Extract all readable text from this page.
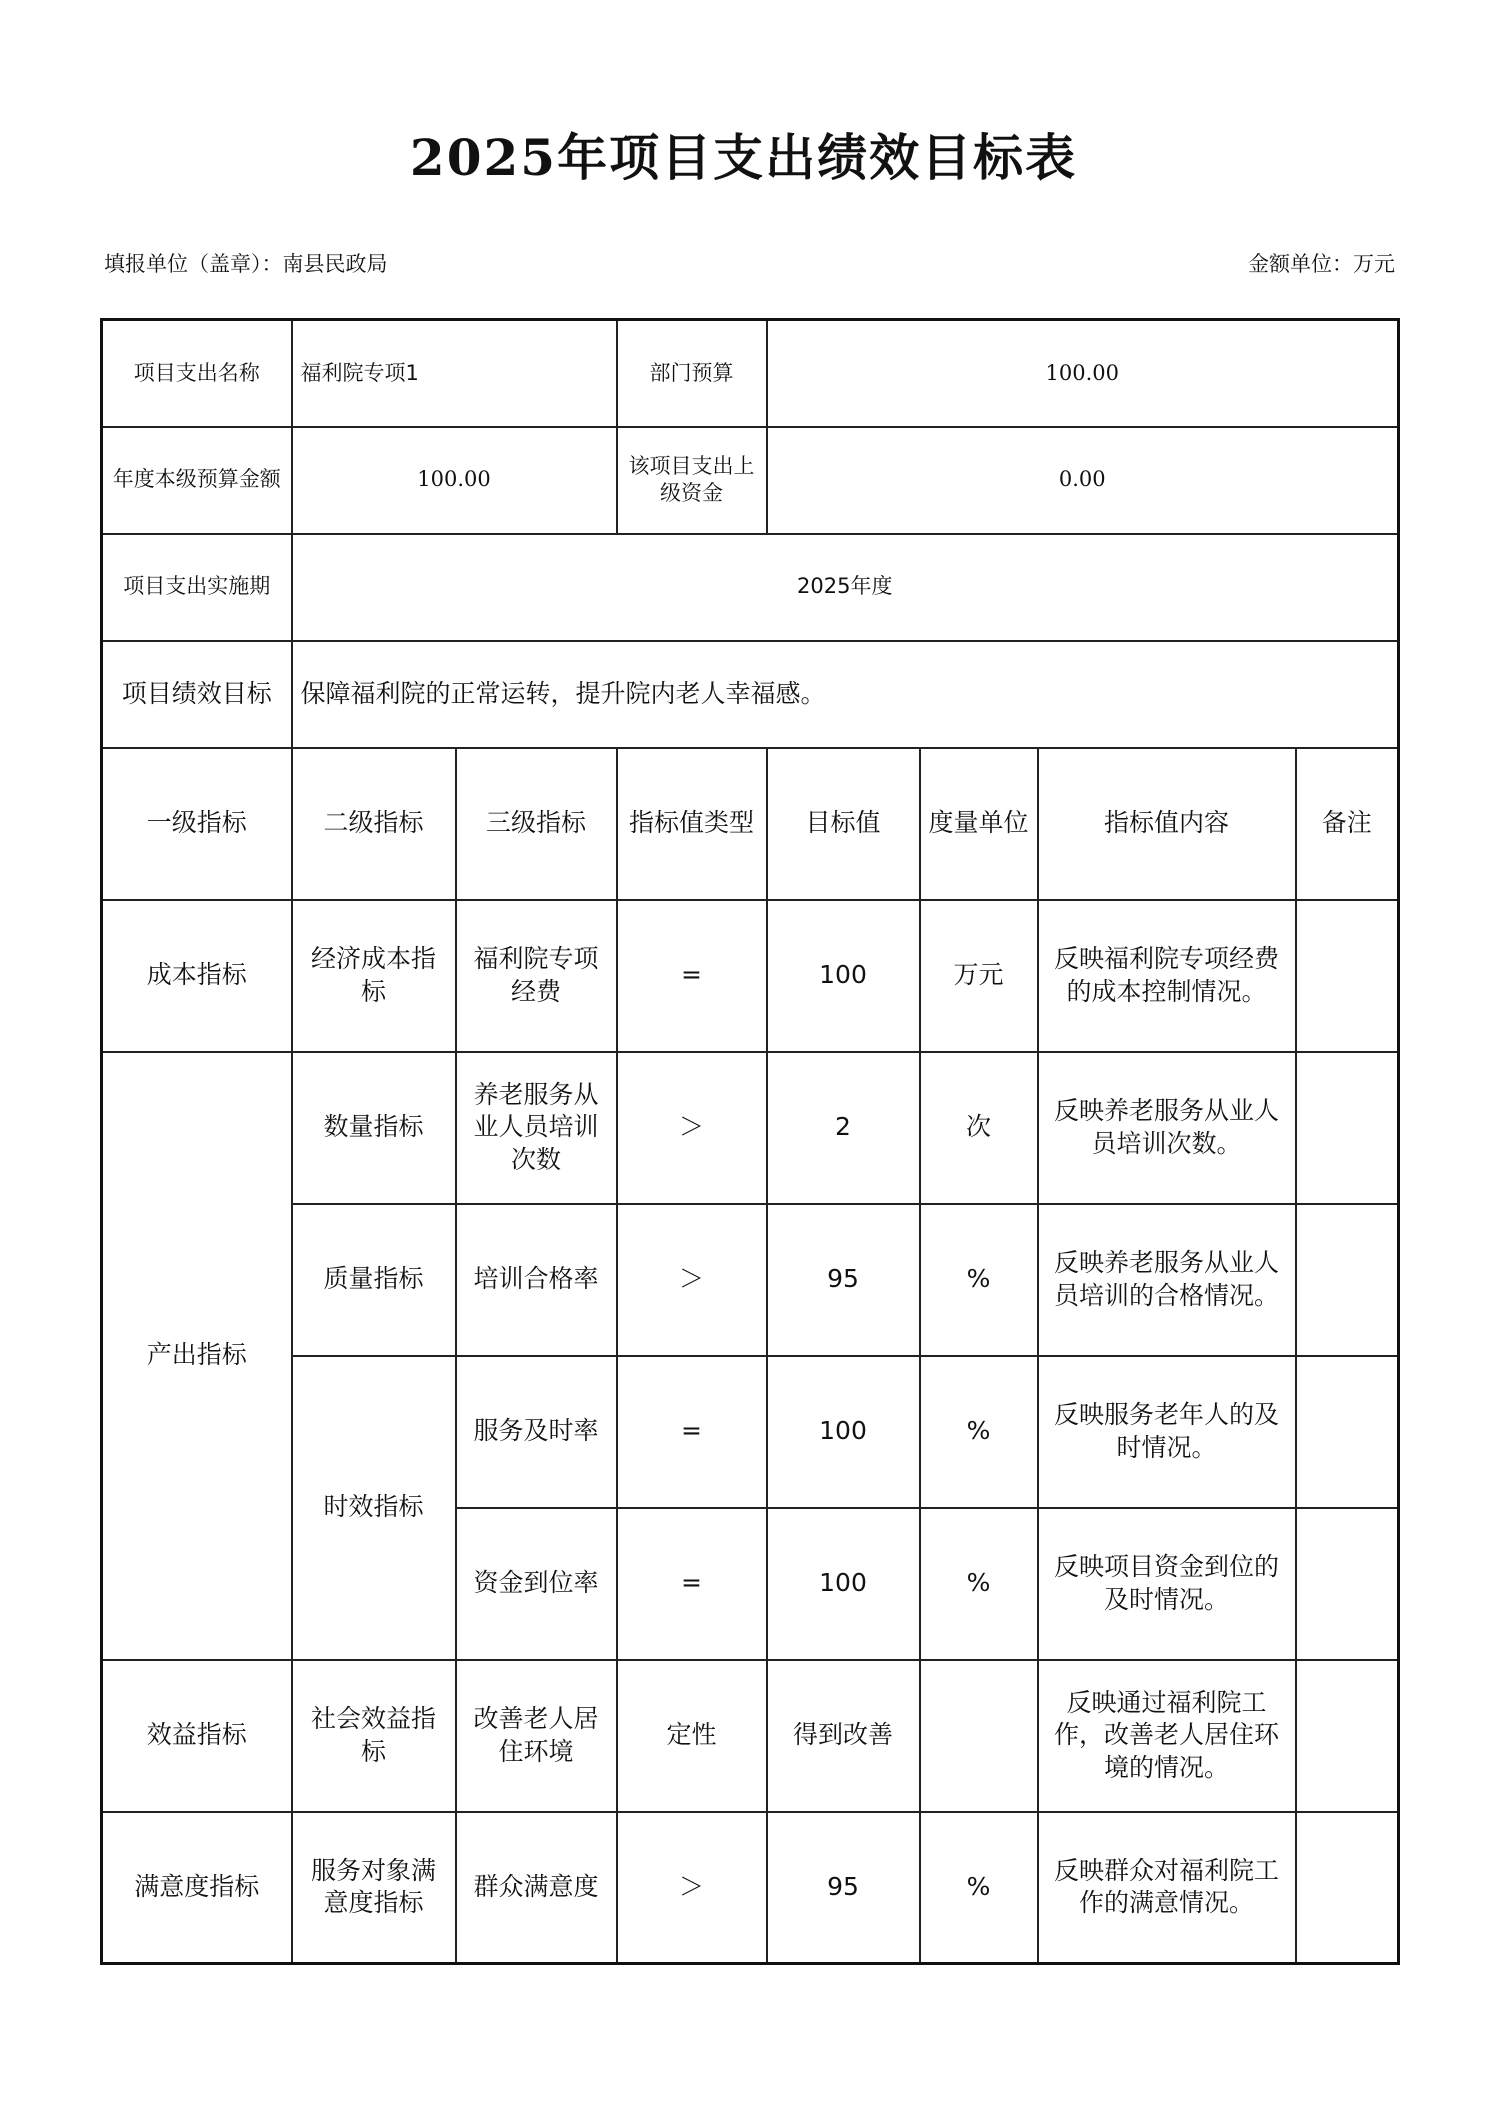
2025年项目支出绩效目标表
填报单位（盖章）：南县民政局	金额单位：万元
项目支出名称	福利院专项1		部门预算	100.00			
年度本级预算金额	100.00		该项目支出上级资金	0.00			
项目支出实施期	2025年度						
项目绩效目标	保障福利院的正常运转，提升院内老人幸福感。						
一级指标	二级指标	三级指标	指标值类型	目标值	度量单位	指标值内容	备注
成本指标	经济成本指标	福利院专项经费	=	100	万元	反映福利院专项经费的成本控制情况。	
产出指标	数量指标	养老服务从业人员培训次数	＞	2	次	反映养老服务从业人员培训次数。	
	质量指标	培训合格率	＞	95	%	反映养老服务从业人员培训的合格情况。	
	时效指标	服务及时率	=	100	%	反映服务老年人的及时情况。	
		资金到位率	=	100	%	反映项目资金到位的及时情况。	
效益指标	社会效益指标	改善老人居住环境	定性	得到改善		反映通过福利院工作，改善老人居住环境的情况。	
满意度指标	服务对象满意度指标	群众满意度	＞	95	%	反映群众对福利院工作的满意情况。	
